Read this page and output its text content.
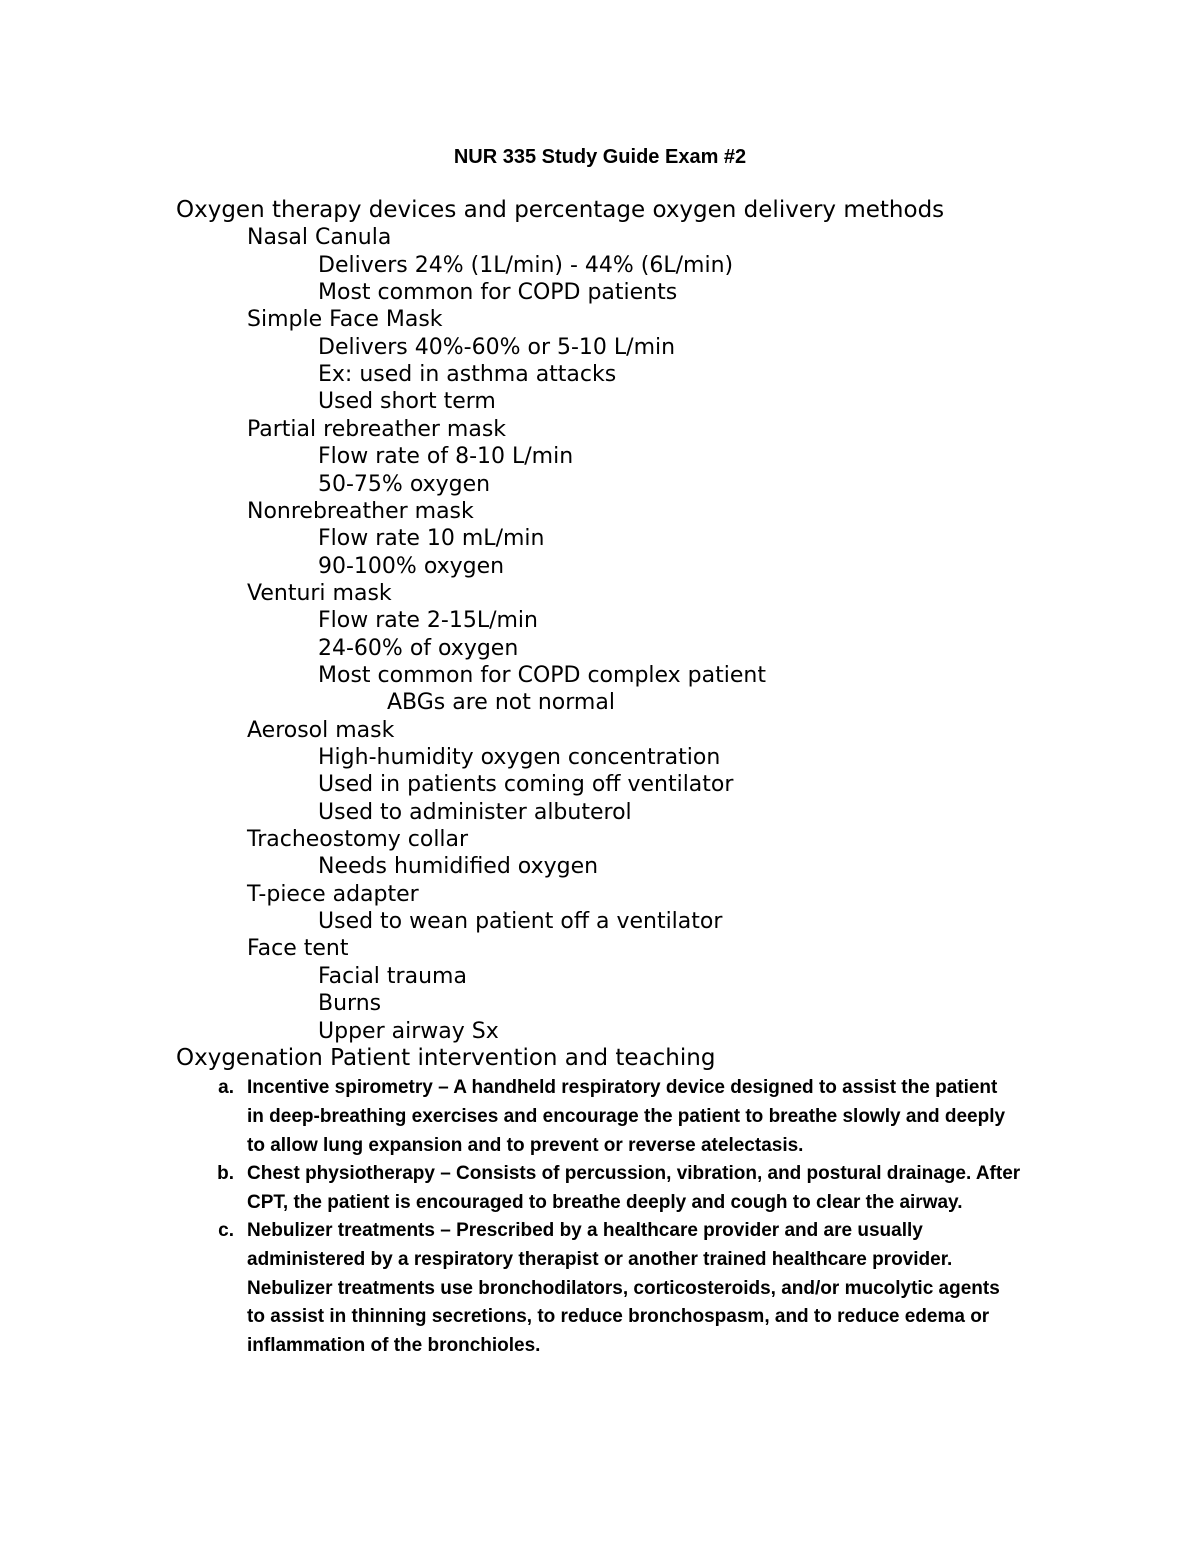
NUR 335 Study Guide Exam #2
Oxygen therapy devices and percentage oxygen delivery methods
Nasal Canula
Delivers 24% (1L/min) - 44% (6L/min)
Most common for COPD patients
Simple Face Mask
Delivers 40%-60% or 5-10 L/min
Ex: used in asthma attacks
Used short term
Partial rebreather mask
Flow rate of 8-10 L/min
50-75% oxygen
Nonrebreather mask
Flow rate 10 mL/min
90-100% oxygen
Venturi mask
Flow rate 2-15L/min
24-60% of oxygen
Most common for COPD complex patient
ABGs are not normal
Aerosol mask
High-humidity oxygen concentration
Used in patients coming off ventilator
Used to administer albuterol
Tracheostomy collar
Needs humidified oxygen
T-piece adapter
Used to wean patient off a ventilator
Face tent
Facial trauma
Burns
Upper airway Sx
Oxygenation Patient intervention and teaching
a. Incentive spirometry – A handheld respiratory device designed to assist the patient
in deep-breathing exercises and encourage the patient to breathe slowly and deeply
to allow lung expansion and to prevent or reverse atelectasis.
b. Chest physiotherapy – Consists of percussion, vibration, and postural drainage. After
CPT, the patient is encouraged to breathe deeply and cough to clear the airway.
c. Nebulizer treatments – Prescribed by a healthcare provider and are usually
administered by a respiratory therapist or another trained healthcare provider.
Nebulizer treatments use bronchodilators, corticosteroids, and/or mucolytic agents
to assist in thinning secretions, to reduce bronchospasm, and to reduce edema or
inflammation of the bronchioles.
